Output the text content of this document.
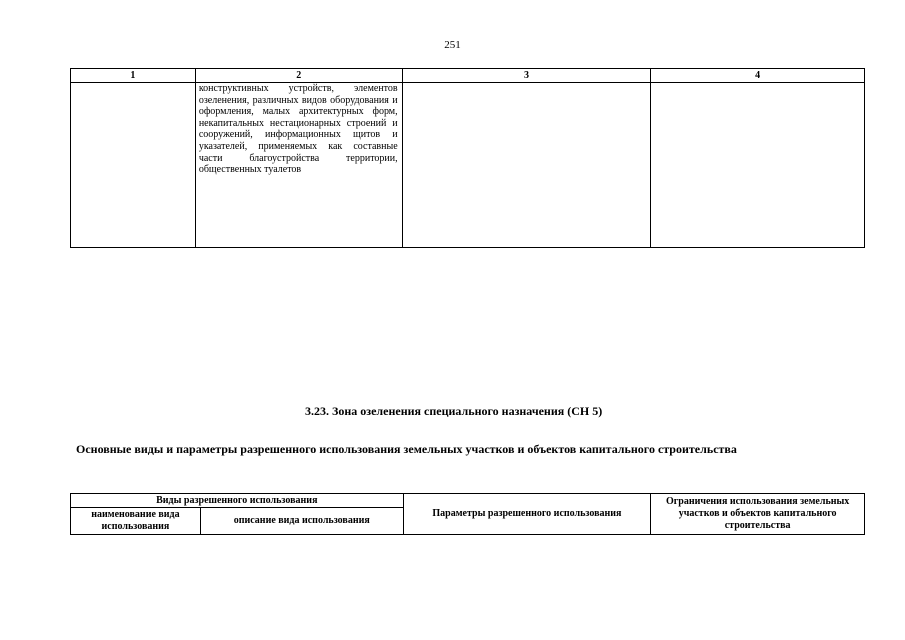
251
1	2	3	4
	конструктивных устройств, элементов озеленения, различных видов оборудования и оформления, малых архитектурных форм, некапитальных нестационарных строений и сооружений, информационных щитов и указателей, применяемых как составные части благоустройства территории, общественных туалетов		
3.23. Зона озеленения специального назначения (СН 5)
Основные виды и параметры разрешенного использования земельных участков и объектов капитального строительства
Виды разрешенного использования		Параметры разрешенного использования	Ограничения использования земельных участков и объектов капитального строительства
наименование вида использования	описание вида использования		
